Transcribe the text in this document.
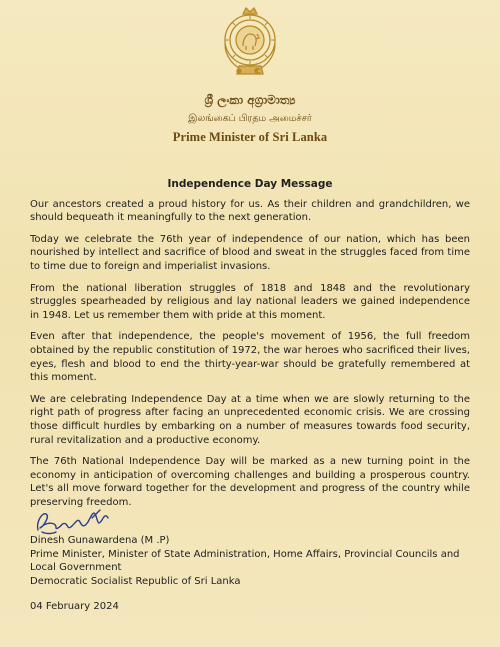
ශ්‍රී ලංකා අග්‍රාමාත්‍ය
இலங்கைப் பிரதம அமைச்சர்
Prime Minister of Sri Lanka
Independence Day Message

Our ancestors created a proud history for us. As their children and grandchildren, we should bequeath it meaningfully to the next generation.

Today we celebrate the 76th year of independence of our nation, which has been nourished by intellect and sacrifice of blood and sweat in the struggles faced from time to time due to foreign and imperialist invasions.

From the national liberation struggles of 1818 and 1848 and the revolutionary struggles spearheaded by religious and lay national leaders we gained independence in 1948. Let us remember them with pride at this moment.

Even after that independence, the people's movement of 1956, the full freedom obtained by the republic constitution of 1972, the war heroes who sacrificed their lives, eyes, flesh and blood to end the thirty-year-war should be gratefully remembered at this moment.

We are celebrating Independence Day at a time when we are slowly returning to the right path of progress after facing an unprecedented economic crisis. We are crossing those difficult hurdles by embarking on a number of measures towards food security, rural revitalization and a productive economy.

The 76th National Independence Day will be marked as a new turning point in the economy in anticipation of overcoming challenges and building a prosperous country. Let's all move forward together for the development and progress of the country while preserving freedom.

Dinesh Gunawardena (M .P)
Prime Minister, Minister of State Administration, Home Affairs, Provincial Councils and Local Government
Democratic Socialist Republic of Sri Lanka
04 February 2024
